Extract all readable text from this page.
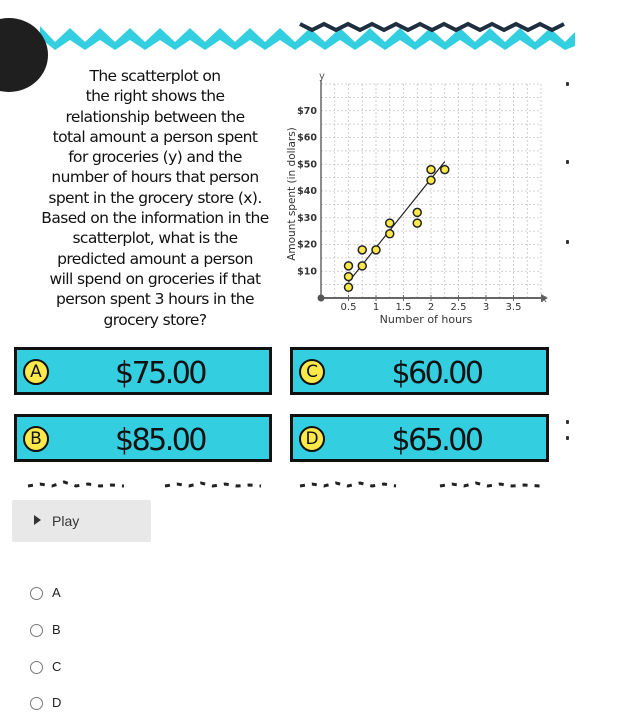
The scatterplot on
the right shows the
relationship between the
total amount a person spent
for groceries (y) and the
number of hours that person
spent in the grocery store (x).
Based on the information in the
scatterplot, what is the
predicted amount a person
will spend on groceries if that
person spent 3 hours in the
grocery store?
0.5 1 1.5 2 2.5 3 3.5
$10
$20
$30
$40
$50
$60
$70
x
y
Number of hours
Amount spent (in dollars)
A	$75.00	C	$60.00
B	$85.00	D	$65.00
Play
A
B
C
D
